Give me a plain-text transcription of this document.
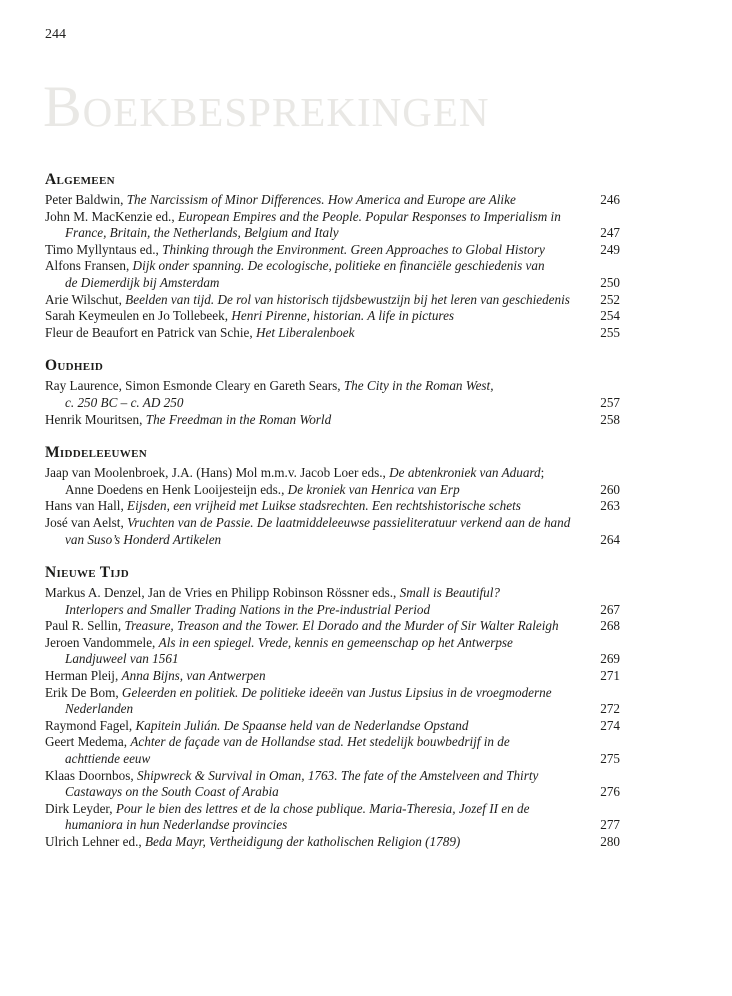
244
Boekbesprekingen
Algemeen
Peter Baldwin, The Narcissism of Minor Differences. How America and Europe are Alike	246
John M. MacKenzie ed., European Empires and the People. Popular Responses to Imperialism in
France, Britain, the Netherlands, Belgium and Italy	247
Timo Myllyntaus ed., Thinking through the Environment. Green Approaches to Global History	249
Alfons Fransen, Dijk onder spanning. De ecologische, politieke en financiële geschiedenis van
de Diemerdijk bij Amsterdam	250
Arie Wilschut, Beelden van tijd. De rol van historisch tijdsbewustzijn bij het leren van geschiedenis	252
Sarah Keymeulen en Jo Tollebeek, Henri Pirenne, historian. A life in pictures	254
Fleur de Beaufort en Patrick van Schie, Het Liberalenboek	255
Oudheid
Ray Laurence, Simon Esmonde Cleary en Gareth Sears, The City in the Roman West,
c. 250 BC – c. AD 250	257
Henrik Mouritsen, The Freedman in the Roman World	258
Middeleeuwen
Jaap van Moolenbroek, J.A. (Hans) Mol m.m.v. Jacob Loer eds., De abtenkroniek van Aduard;
Anne Doedens en Henk Looijesteijn eds., De kroniek van Henrica van Erp	260
Hans van Hall, Eijsden, een vrijheid met Luikse stadsrechten. Een rechtshistorische schets	263
José van Aelst, Vruchten van de Passie. De laatmiddeleeuwse passieliteratuur verkend aan de hand
van Suso’s Honderd Artikelen	264
Nieuwe Tijd
Markus A. Denzel, Jan de Vries en Philipp Robinson Rössner eds., Small is Beautiful?
Interlopers and Smaller Trading Nations in the Pre-industrial Period	267
Paul R. Sellin, Treasure, Treason and the Tower. El Dorado and the Murder of Sir Walter Raleigh	268
Jeroen Vandommele, Als in een spiegel. Vrede, kennis en gemeenschap op het Antwerpse
Landjuweel van 1561	269
Herman Pleij, Anna Bijns, van Antwerpen	271
Erik De Bom, Geleerden en politiek. De politieke ideeën van Justus Lipsius in de vroegmoderne
Nederlanden	272
Raymond Fagel, Kapitein Julián. De Spaanse held van de Nederlandse Opstand	274
Geert Medema, Achter de façade van de Hollandse stad. Het stedelijk bouwbedrijf in de
achttiende eeuw	275
Klaas Doornbos, Shipwreck & Survival in Oman, 1763. The fate of the Amstelveen and Thirty
Castaways on the South Coast of Arabia	276
Dirk Leyder, Pour le bien des lettres et de la chose publique. Maria-Theresia, Jozef II en de
humaniora in hun Nederlandse provincies	277
Ulrich Lehner ed., Beda Mayr, Vertheidigung der katholischen Religion (1789)	280
